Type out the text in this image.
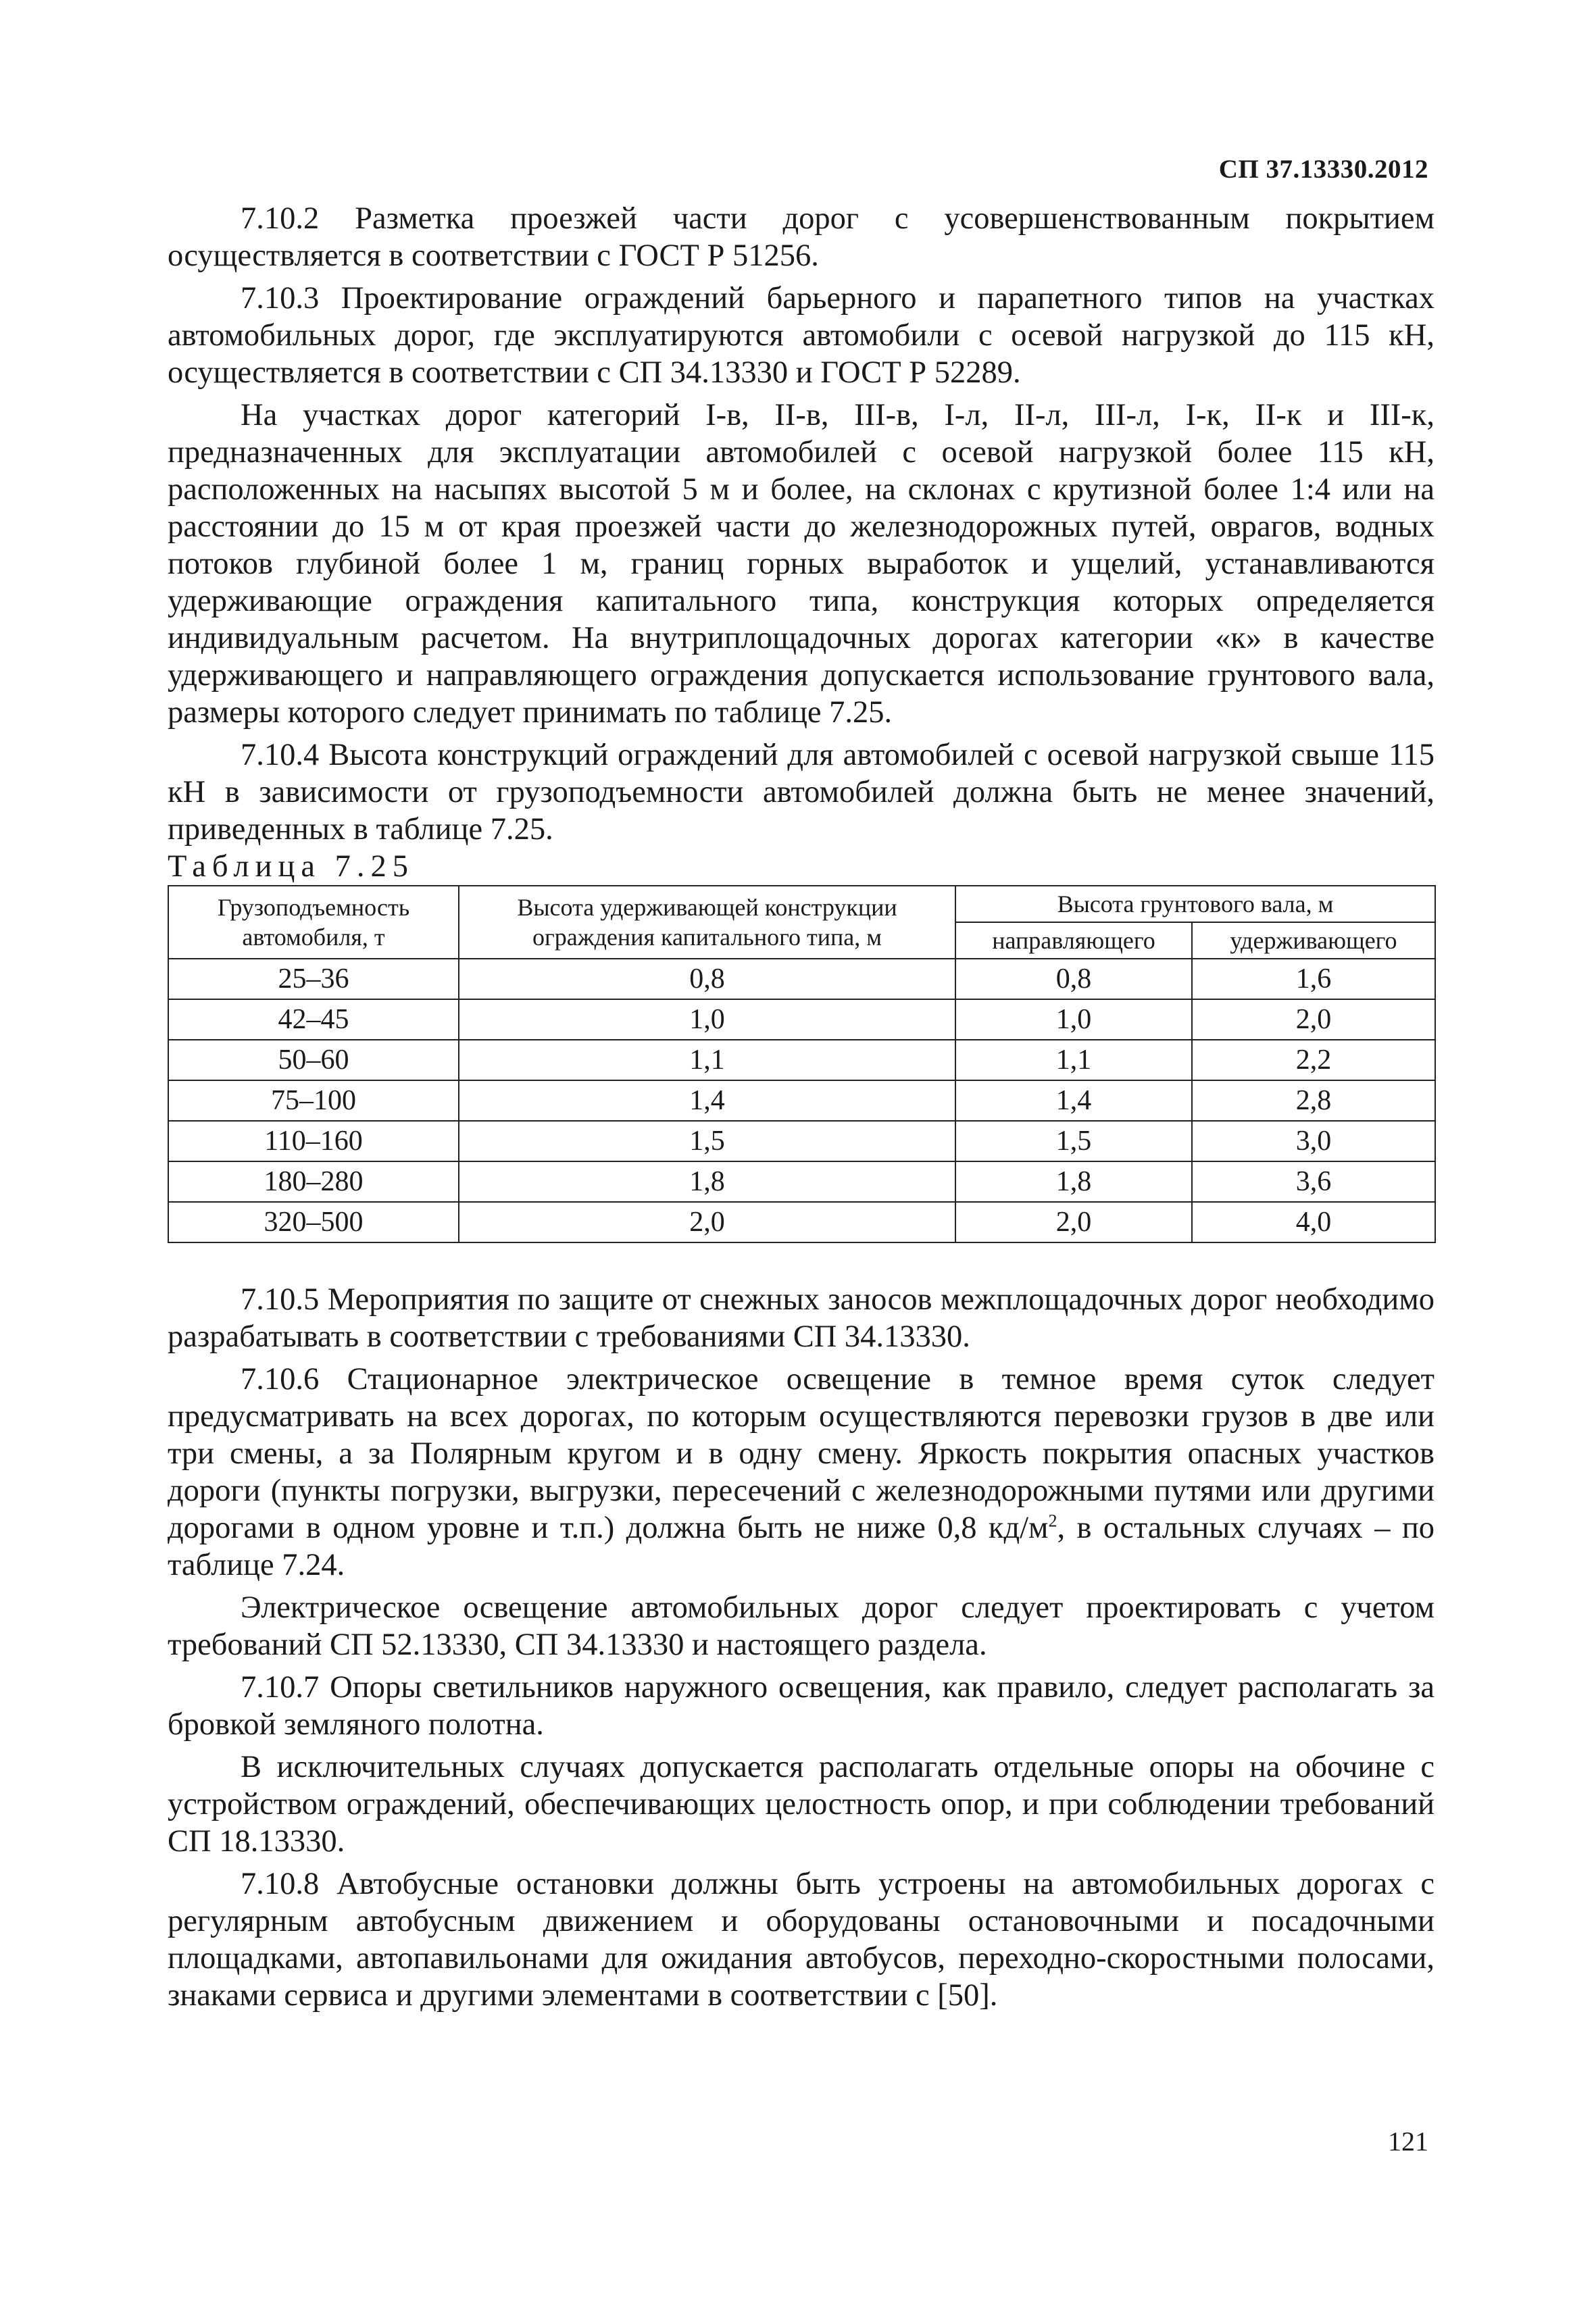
СП 37.13330.2012

7.10.2 Разметка проезжей части дорог с усовершенствованным покрытием осуществляется в соответствии с ГОСТ Р 51256.

7.10.3 Проектирование ограждений барьерного и парапетного типов на участках автомобильных дорог, где эксплуатируются автомобили с осевой нагрузкой до 115 кН, осуществляется в соответствии с СП 34.13330 и ГОСТ Р 52289.

На участках дорог категорий I-в, II-в, III-в, I-л, II-л, III-л, I-к, II-к и III-к, предназначенных для эксплуатации автомобилей с осевой нагрузкой более 115 кН, расположенных на насыпях высотой 5 м и более, на склонах с крутизной более 1:4 или на расстоянии до 15 м от края проезжей части до железнодорожных путей, оврагов, водных потоков глубиной более 1 м, границ горных выработок и ущелий, устанавливаются удерживающие ограждения капитального типа, конструкция которых определяется индивидуальным расчетом. На внутриплощадочных дорогах категории «к» в качестве удерживающего и направляющего ограждения допускается использование грунтового вала, размеры которого следует принимать по таблице 7.25.

7.10.4 Высота конструкций ограждений для автомобилей с осевой нагрузкой свыше 115 кН в зависимости от грузоподъемности автомобилей должна быть не менее значений, приведенных в таблице 7.25.

Таблица 7.25

Грузоподъемность автомобиля, т	Высота удерживающей конструкции ограждения капитального типа, м	Высота грунтового вала, м	
		направляющего	удерживающего
25–36	0,8	0,8	1,6
42–45	1,0	1,0	2,0
50–60	1,1	1,1	2,2
75–100	1,4	1,4	2,8
110–160	1,5	1,5	3,0
180–280	1,8	1,8	3,6
320–500	2,0	2,0	4,0

7.10.5 Мероприятия по защите от снежных заносов межплощадочных дорог необходимо разрабатывать в соответствии с требованиями СП 34.13330.

7.10.6 Стационарное электрическое освещение в темное время суток следует предусматривать на всех дорогах, по которым осуществляются перевозки грузов в две или три смены, а за Полярным кругом и в одну смену. Яркость покрытия опасных участков дороги (пункты погрузки, выгрузки, пересечений с железнодорожными путями или другими дорогами в одном уровне и т.п.) должна быть не ниже 0,8 $кд/м^2$, в остальных случаях – по таблице 7.24.

Электрическое освещение автомобильных дорог следует проектировать с учетом требований СП 52.13330, СП 34.13330 и настоящего раздела.

7.10.7 Опоры светильников наружного освещения, как правило, следует располагать за бровкой земляного полотна.

В исключительных случаях допускается располагать отдельные опоры на обочине с устройством ограждений, обеспечивающих целостность опор, и при соблюдении требований СП 18.13330.

7.10.8 Автобусные остановки должны быть устроены на автомобильных дорогах с регулярным автобусным движением и оборудованы остановочными и посадочными площадками, автопавильонами для ожидания автобусов, переходно-скоростными полосами, знаками сервиса и другими элементами в соответствии с [50].

121
